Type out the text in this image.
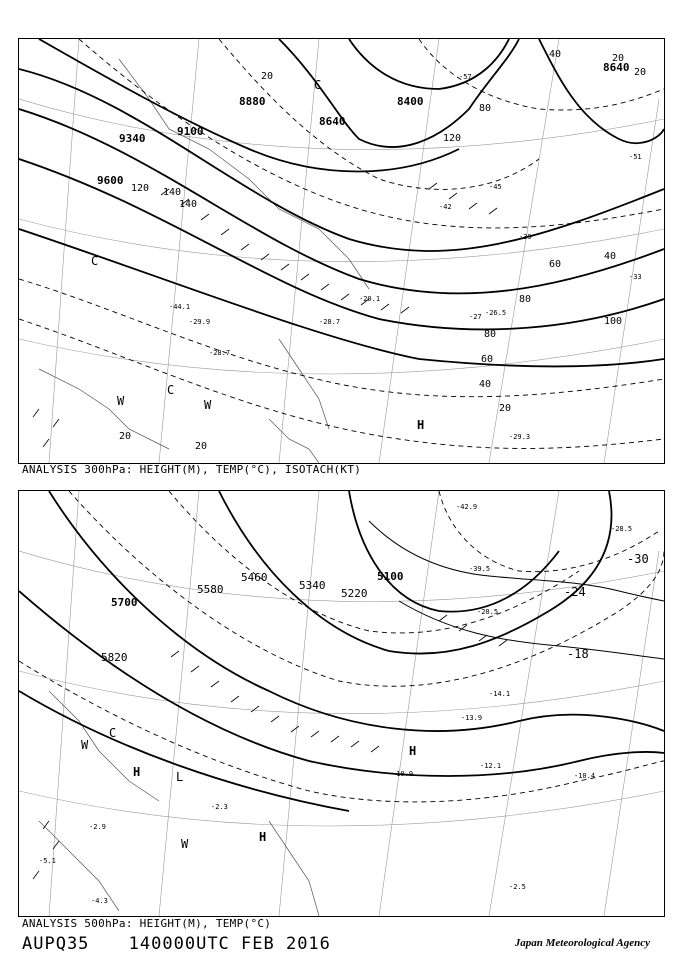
9340
9100
9600
8880	8400
8640
8640
120 140
140
120
80
60
40
40	20
20
20
100
80
80
60
40
20
20
20
-57
-51
-45
-42
-39
-33
-29.3
-28.7
-27 -26.5
-20.1
-44.1
-29.9
-28.7
H
C
W
C
W
C
ANALYSIS 300hPa: HEIGHT(M), TEMP(°C), ISOTACH(KT)
5700
5580
5460
5340
5220
5100
5820
-30
-24
-18
-42.9
-39.5
-28.5
-20.5
-14.1
-13.9
-12.1
-10.9	-10.4
-2.3
-2.9
-2.5
-4.3
-5.1
H
W
C
H
W
H
L
ANALYSIS 500hPa: HEIGHT(M), TEMP(°C)
AUPQ35 140000UTC FEB 2016	Japan Meteorological Agency
